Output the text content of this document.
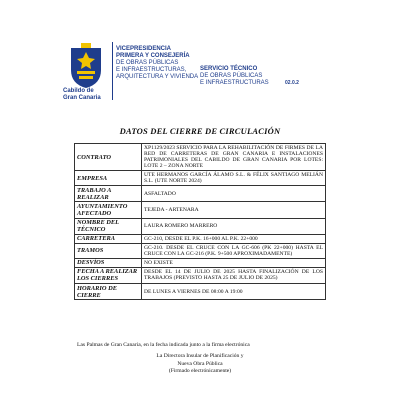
Cabildo de
Gran Canaria
VICEPRESIDENCIA
PRIMERA Y CONSEJERÍA
DE OBRAS PÚBLICAS
E INFRAESTRUCTURAS,
ARQUITECTURA Y VIVIENDA
SERVICIO TÉCNICO
DE OBRAS PÚBLICAS
E INFRAESTRUCTURAS	02.0.2
DATOS DEL CIERRE DE CIRCULACIÓN
CONTRATO	XP1129/2023 SERVICIO PARA LA REHABILITACIÓN DE FIRMES DE LA RED DE CARRETERAS DE GRAN CANARIA E INSTALACIONES PATRIMONIALES DEL CABILDO DE GRAN CANARIA POR LOTES: LOTE 2 – ZONA NORTE
EMPRESA	UTE HERMANOS GARCÍA ÁLAMO S.L. & FÉLIX SANTIAGO MELIÁN S.L. (UTE NORTE 2024)
TRABAJO A REALIZAR	ASFALTADO
AYUNTAMIENTO AFECTADO	TEJEDA - ARTENARA
NOMBRE DEL TÉCNICO	LAURA ROMERO MARRERO
CARRETERA	GC-210, DESDE EL P.K. 16+000 AL P.K. 22+000
TRAMOS	GC-210. DESDE EL CRUCE CON LA GC-606 (PK 22+000) HASTA EL CRUCE CON LA GC-216 (P.K. 9+500 APROXIMADAMENTE)
DESVÍOS	NO EXISTE
FECHA A REALIZAR LOS CIERRES	DESDE EL 14 DE JULIO DE 2025 HASTA FINALIZACIÓN DE LOS TRABAJOS (PREVISTO HASTA 25 DE JULIO DE 2025)
HORARIO DE CIERRE	DE LUNES A VIERNES DE 08:00 A 19:00
Las Palmas de Gran Canaria, en la fecha indicada junto a la firma electrónica
La Directora Insular de Planificación y
Nueva Obra Pública
(Firmado electrónicamente)
